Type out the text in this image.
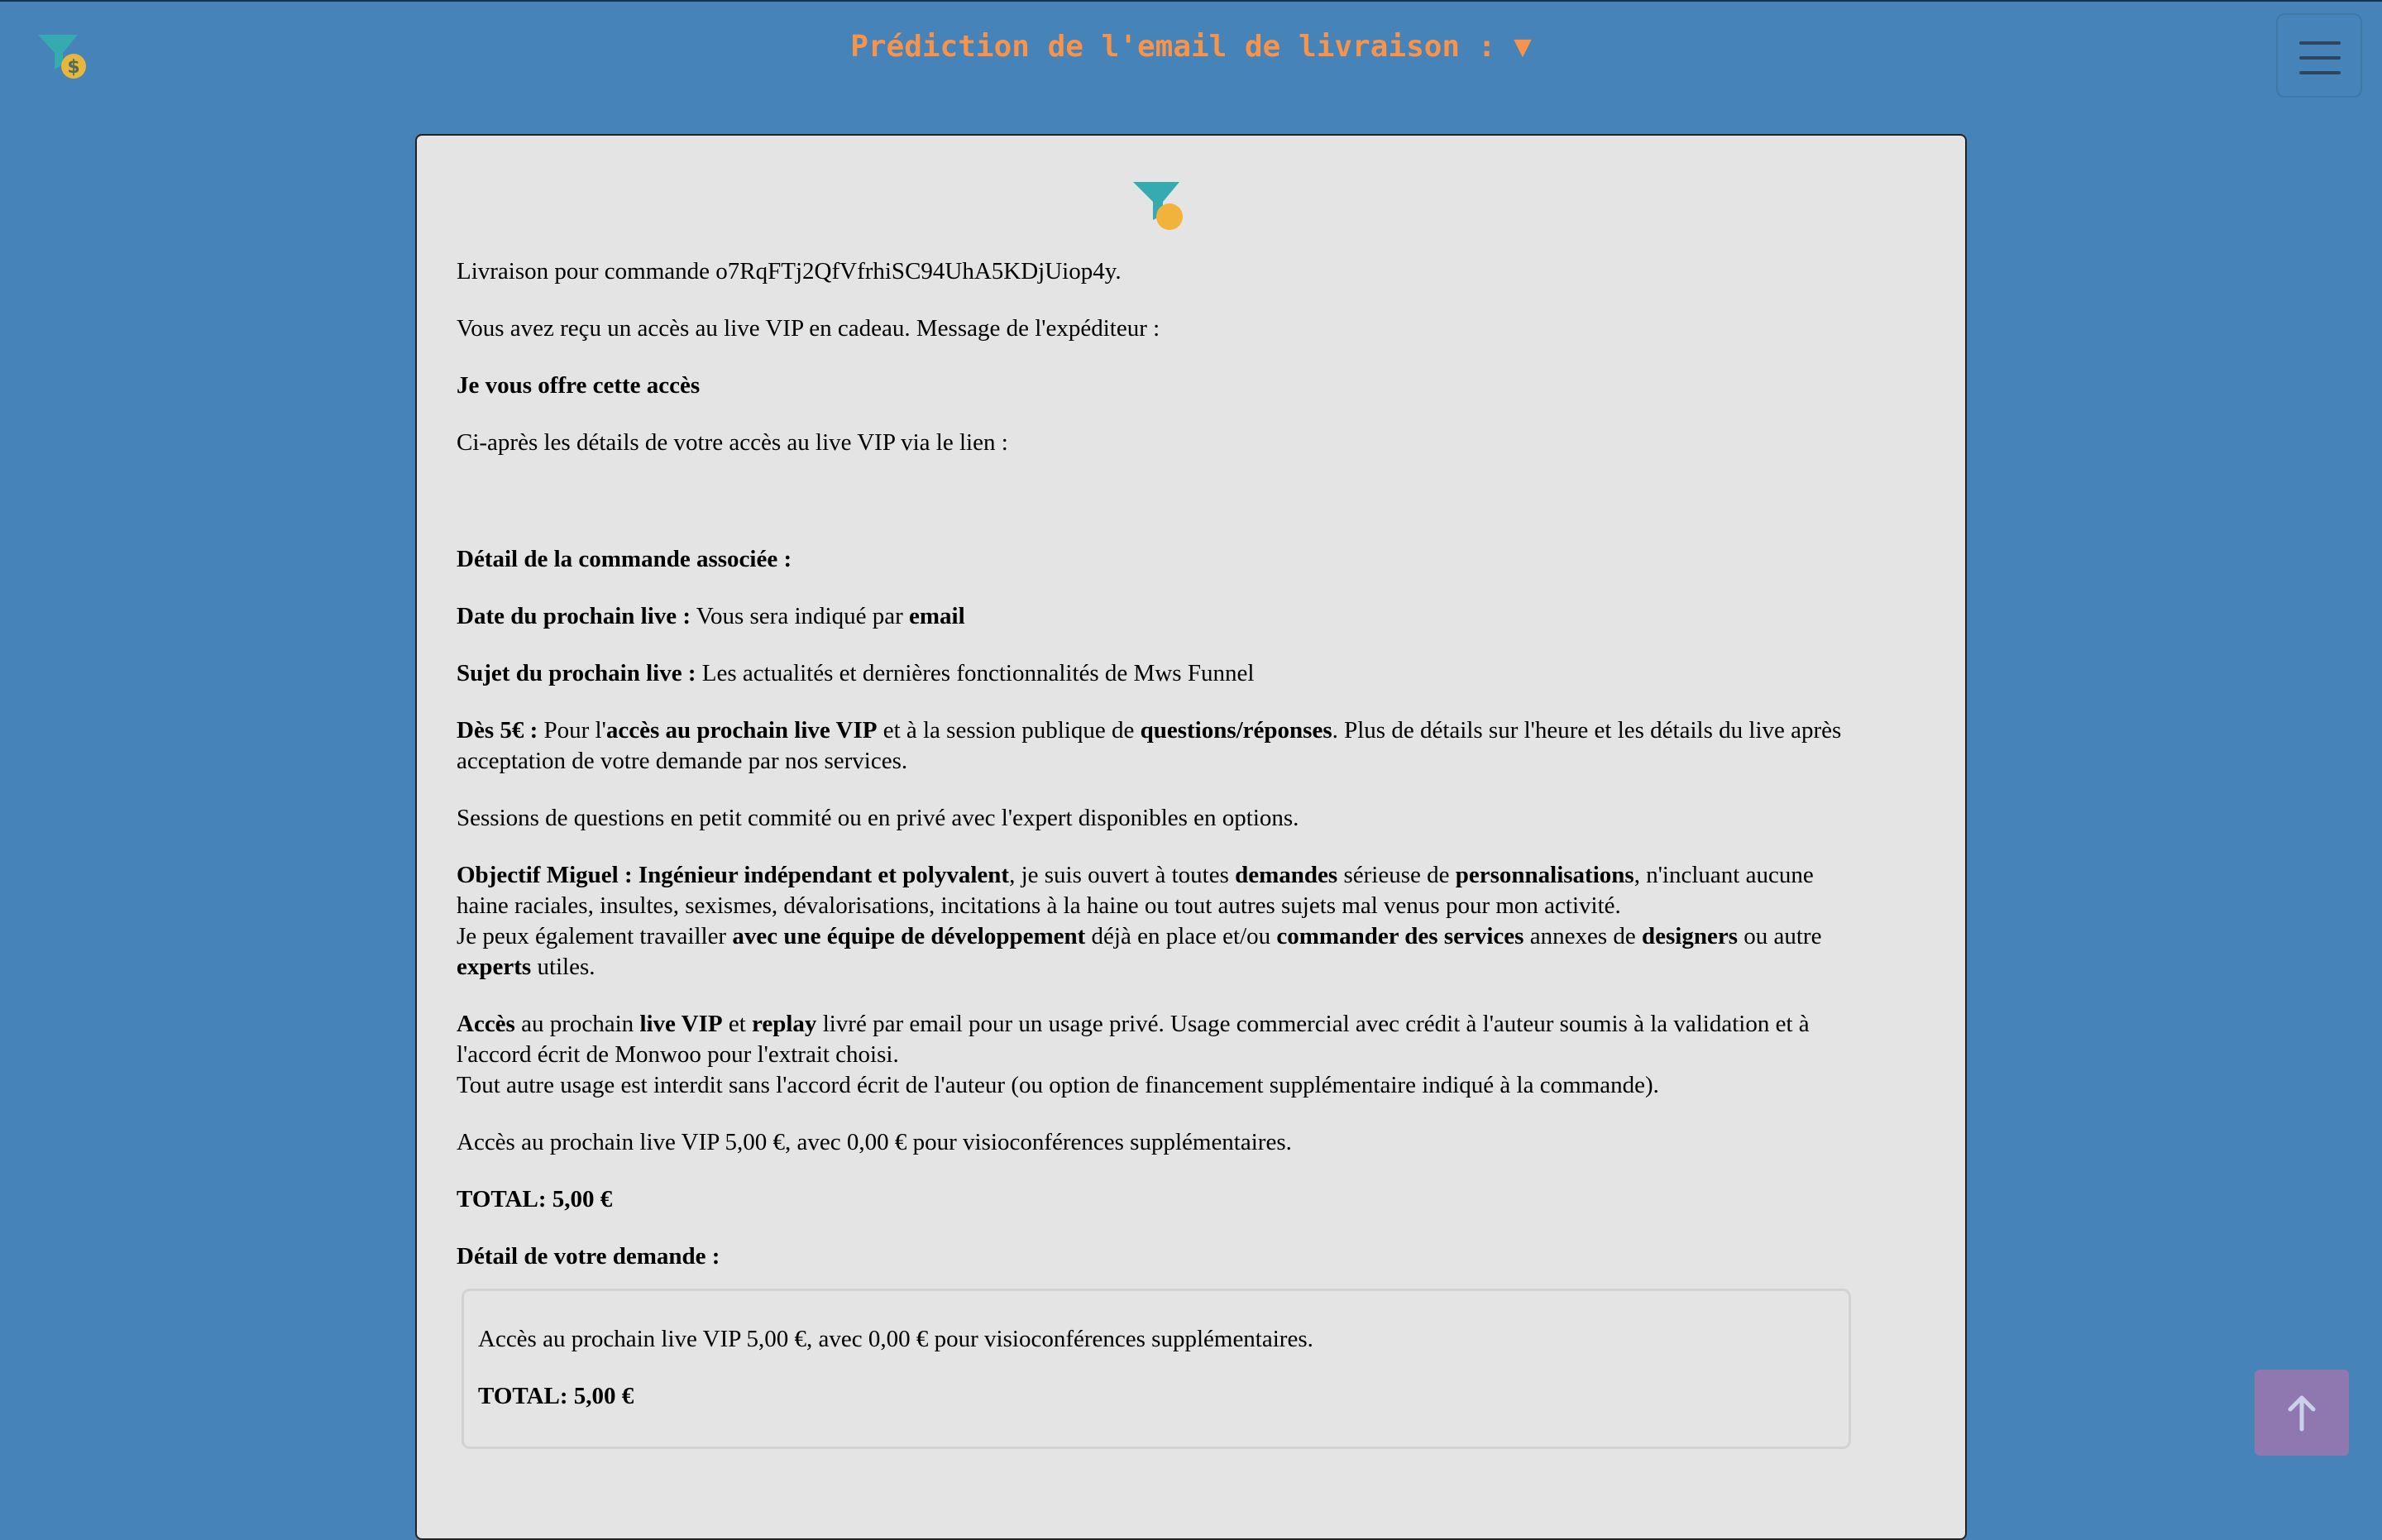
$
Prédiction de l'email de livraison : ▼

Livraison pour commande o7RqFTj2QfVfrhiSC94UhA5KDjUiop4y.

Vous avez reçu un accès au live VIP en cadeau. Message de l'expéditeur :

Je vous offre cette accès

Ci-après les détails de votre accès au live VIP via le lien :

Détail de la commande associée :

Date du prochain live : Vous sera indiqué par email

Sujet du prochain live : Les actualités et dernières fonctionnalités de Mws Funnel

Dès 5€ : Pour l'accès au prochain live VIP et à la session publique de questions/réponses. Plus de détails sur l'heure et les détails du live après acceptation de votre demande par nos services.

Sessions de questions en petit commité ou en privé avec l'expert disponibles en options.

Objectif Miguel : Ingénieur indépendant et polyvalent, je suis ouvert à toutes demandes sérieuse de personnalisations, n'incluant aucune haine raciales, insultes, sexismes, dévalorisations, incitations à la haine ou tout autres sujets mal venus pour mon activité.
Je peux également travailler avec une équipe de développement déjà en place et/ou commander des services annexes de designers ou autre experts utiles.

Accès au prochain live VIP et replay livré par email pour un usage privé. Usage commercial avec crédit à l'auteur soumis à la validation et à l'accord écrit de Monwoo pour l'extrait choisi.
Tout autre usage est interdit sans l'accord écrit de l'auteur (ou option de financement supplémentaire indiqué à la commande).

Accès au prochain live VIP 5,00 €, avec 0,00 € pour visioconférences supplémentaires.

TOTAL: 5,00 €

Détail de votre demande :

Accès au prochain live VIP 5,00 €, avec 0,00 € pour visioconférences supplémentaires.

TOTAL: 5,00 €
